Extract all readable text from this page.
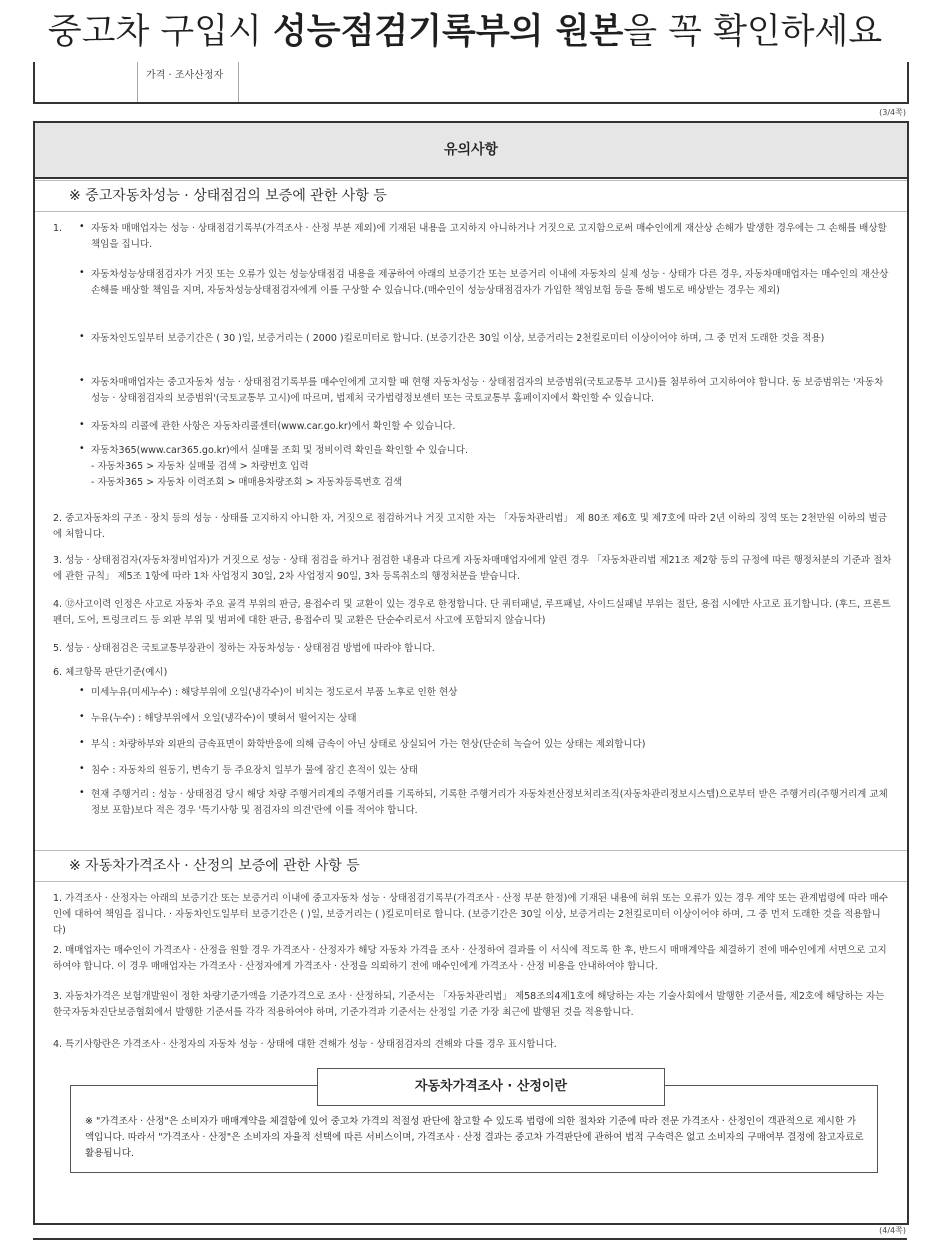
중고차 구입시 성능점검기록부의 원본을 꼭 확인하세요
가격 · 조사산정자
(3/4쪽)
유의사항
※ 중고자동차성능 · 상태점검의 보증에 관한 사항 등
1. • 자동차 매매업자는 성능 · 상태점검기록부(가격조사 · 산정 부분 제외)에 기재된 내용을 고지하지 아니하거나 거짓으로 고지함으로써 매수인에게 재산상 손해가 발생한 경우에는 그 손해를 배상할 책임을 집니다.
• 자동차성능상태점검자가 거짓 또는 오류가 있는 성능상태점검 내용을 제공하여 아래의 보증기간 또는 보증거리 이내에 자동차의 실제 성능 · 상태가 다른 경우, 자동차매매업자는 매수인의 재산상 손해를 배상할 책임을 지며, 자동차성능상태점검자에게 이를 구상할 수 있습니다.(매수인이 성능상태점검자가 가입한 책임보험 등을 통해 별도로 배상받는 경우는 제외)
• 자동차인도일부터 보증기간은 ( 30 )일, 보증거리는 ( 2000 )킬로미터로 합니다. (보증기간은 30일 이상, 보증거리는 2천킬로미터 이상이어야 하며, 그 중 먼저 도래한 것을 적용)
• 자동차매매업자는 중고자동차 성능 · 상태점검기록부를 매수인에게 고지할 때 현행 자동차성능 · 상태점검자의 보증범위(국토교통부 고시)를 첨부하여 고지하여야 합니다. 동 보증범위는 '자동차성능 · 상태점검자의 보증범위'(국토교통부 고시)에 따르며, 법제처 국가법령정보센터 또는 국토교통부 홈페이지에서 확인할 수 있습니다.
• 자동차의 리콜에 관한 사항은 자동차리콜센터(www.car.go.kr)에서 확인할 수 있습니다.
• 자동차365(www.car365.go.kr)에서 실매물 조회 및 정비이력 확인을 확인할 수 있습니다.
- 자동차365 > 자동차 실매물 검색 > 차량번호 입력
- 자동차365 > 자동차 이력조회 > 매매용차량조회 > 자동차등록번호 검색
2. 중고자동차의 구조 · 장치 등의 성능 · 상태를 고지하지 아니한 자, 거짓으로 점검하거나 거짓 고지한 자는 「자동차관리법」 제 80조 제6호 및 제7호에 따라 2년 이하의 징역 또는 2천만원 이하의 벌금에 처합니다.
3. 성능 · 상태점검자(자동차정비업자)가 거짓으로 성능 · 상태 점검을 하거나 점검한 내용과 다르게 자동차매매업자에게 알린 경우 「자동차관리법 제21조 제2항 등의 규정에 따른 행정처분의 기준과 절차에 관한 규칙」 제5조 1항에 따라 1차 사업정지 30일, 2차 사업정지 90일, 3차 등록취소의 행정처분을 받습니다.
4. ⑫사고이력 인정은 사고로 자동차 주요 골격 부위의 판금, 용접수리 및 교환이 있는 경우로 한정합니다. 단 쿼터패널, 루프패널, 사이드실패널 부위는 절단, 용접 시에만 사고로 표기합니다. (후드, 프론트펜더, 도어, 트렁크리드 등 외판 부위 및 범퍼에 대한 판금, 용접수리 및 교환은 단순수리로서 사고에 포함되지 않습니다)
5. 성능 · 상태점검은 국토교통부장관이 정하는 자동차성능 · 상태점검 방법에 따라야 합니다.
6. 체크항목 판단기준(예시)
• 미세누유(미세누수) : 해당부위에 오일(냉각수)이 비치는 정도로서 부품 노후로 인한 현상
• 누유(누수) : 해당부위에서 오일(냉각수)이 맺혀서 떨어지는 상태
• 부식 : 차량하부와 외판의 금속표면이 화학반응에 의해 금속이 아닌 상태로 상실되어 가는 현상(단순히 녹슬어 있는 상태는 제외합니다)
• 침수 : 자동차의 원동기, 변속기 등 주요장치 일부가 물에 잠긴 흔적이 있는 상태
• 현재 주행거리 : 성능 · 상태점검 당시 해당 차량 주행거리계의 주행거리를 기록하되, 기록한 주행거리가 자동차전산정보처리조직(자동차관리정보시스템)으로부터 받은 주행거리(주행거리계 교체 정보 포함)보다 적은 경우 '특기사항 및 점검자의 의견'란에 이를 적어야 합니다.
※ 자동차가격조사 · 산정의 보증에 관한 사항 등
1. 가격조사 · 산정자는 아래의 보증기간 또는 보증거리 이내에 중고자동차 성능 · 상태점검기록부(가격조사 · 산정 부분 한정)에 기재된 내용에 허위 또는 오류가 있는 경우 계약 또는 관계법령에 따라 매수인에 대하여 책임을 집니다. · 자동차인도일부터 보증기간은 ( )일, 보증거리는 ( )킬로미터로 합니다. (보증기간은 30일 이상, 보증거리는 2천킬로미터 이상이어야 하며, 그 중 먼저 도래한 것을 적용합니다)
2. 매매업자는 매수인이 가격조사 · 산정을 원할 경우 가격조사 · 산정자가 해당 자동차 가격을 조사 · 산정하여 결과를 이 서식에 적도록 한 후, 반드시 매매계약을 체결하기 전에 매수인에게 서면으로 고지하여야 합니다. 이 경우 매매업자는 가격조사 · 산정자에게 가격조사 · 산정을 의뢰하기 전에 매수인에게 가격조사 · 산정 비용을 안내하여야 합니다.
3. 자동차가격은 보험개발원이 정한 차량기준가액을 기준가격으로 조사 · 산정하되, 기준서는 「자동차관리법」 제58조의4제1호에 해당하는 자는 기술사회에서 발행한 기준서를, 제2호에 해당하는 자는 한국자동차진단보증협회에서 발행한 기준서를 각각 적용하여야 하며, 기준가격과 기준서는 산정일 기준 가장 최근에 발행된 것을 적용합니다.
4. 특기사항란은 가격조사 · 산정자의 자동차 성능 · 상태에 대한 견해가 성능 · 상태점검자의 견해와 다를 경우 표시합니다.
자동차가격조사 · 산정이란
※ "가격조사 · 산정"은 소비자가 매매계약을 체결함에 있어 중고차 가격의 적절성 판단에 참고할 수 있도록 법령에 의한 절차와 기준에 따라 전문 가격조사 · 산정인이 객관적으로 제시한 가액입니다. 따라서 "가격조사 · 산정"은 소비자의 자율적 선택에 따른 서비스이며, 가격조사 · 산정 결과는 중고차 가격판단에 관하여 법적 구속력은 없고 소비자의 구매여부 결정에 참고자료로 활용됩니다.
(4/4쪽)
